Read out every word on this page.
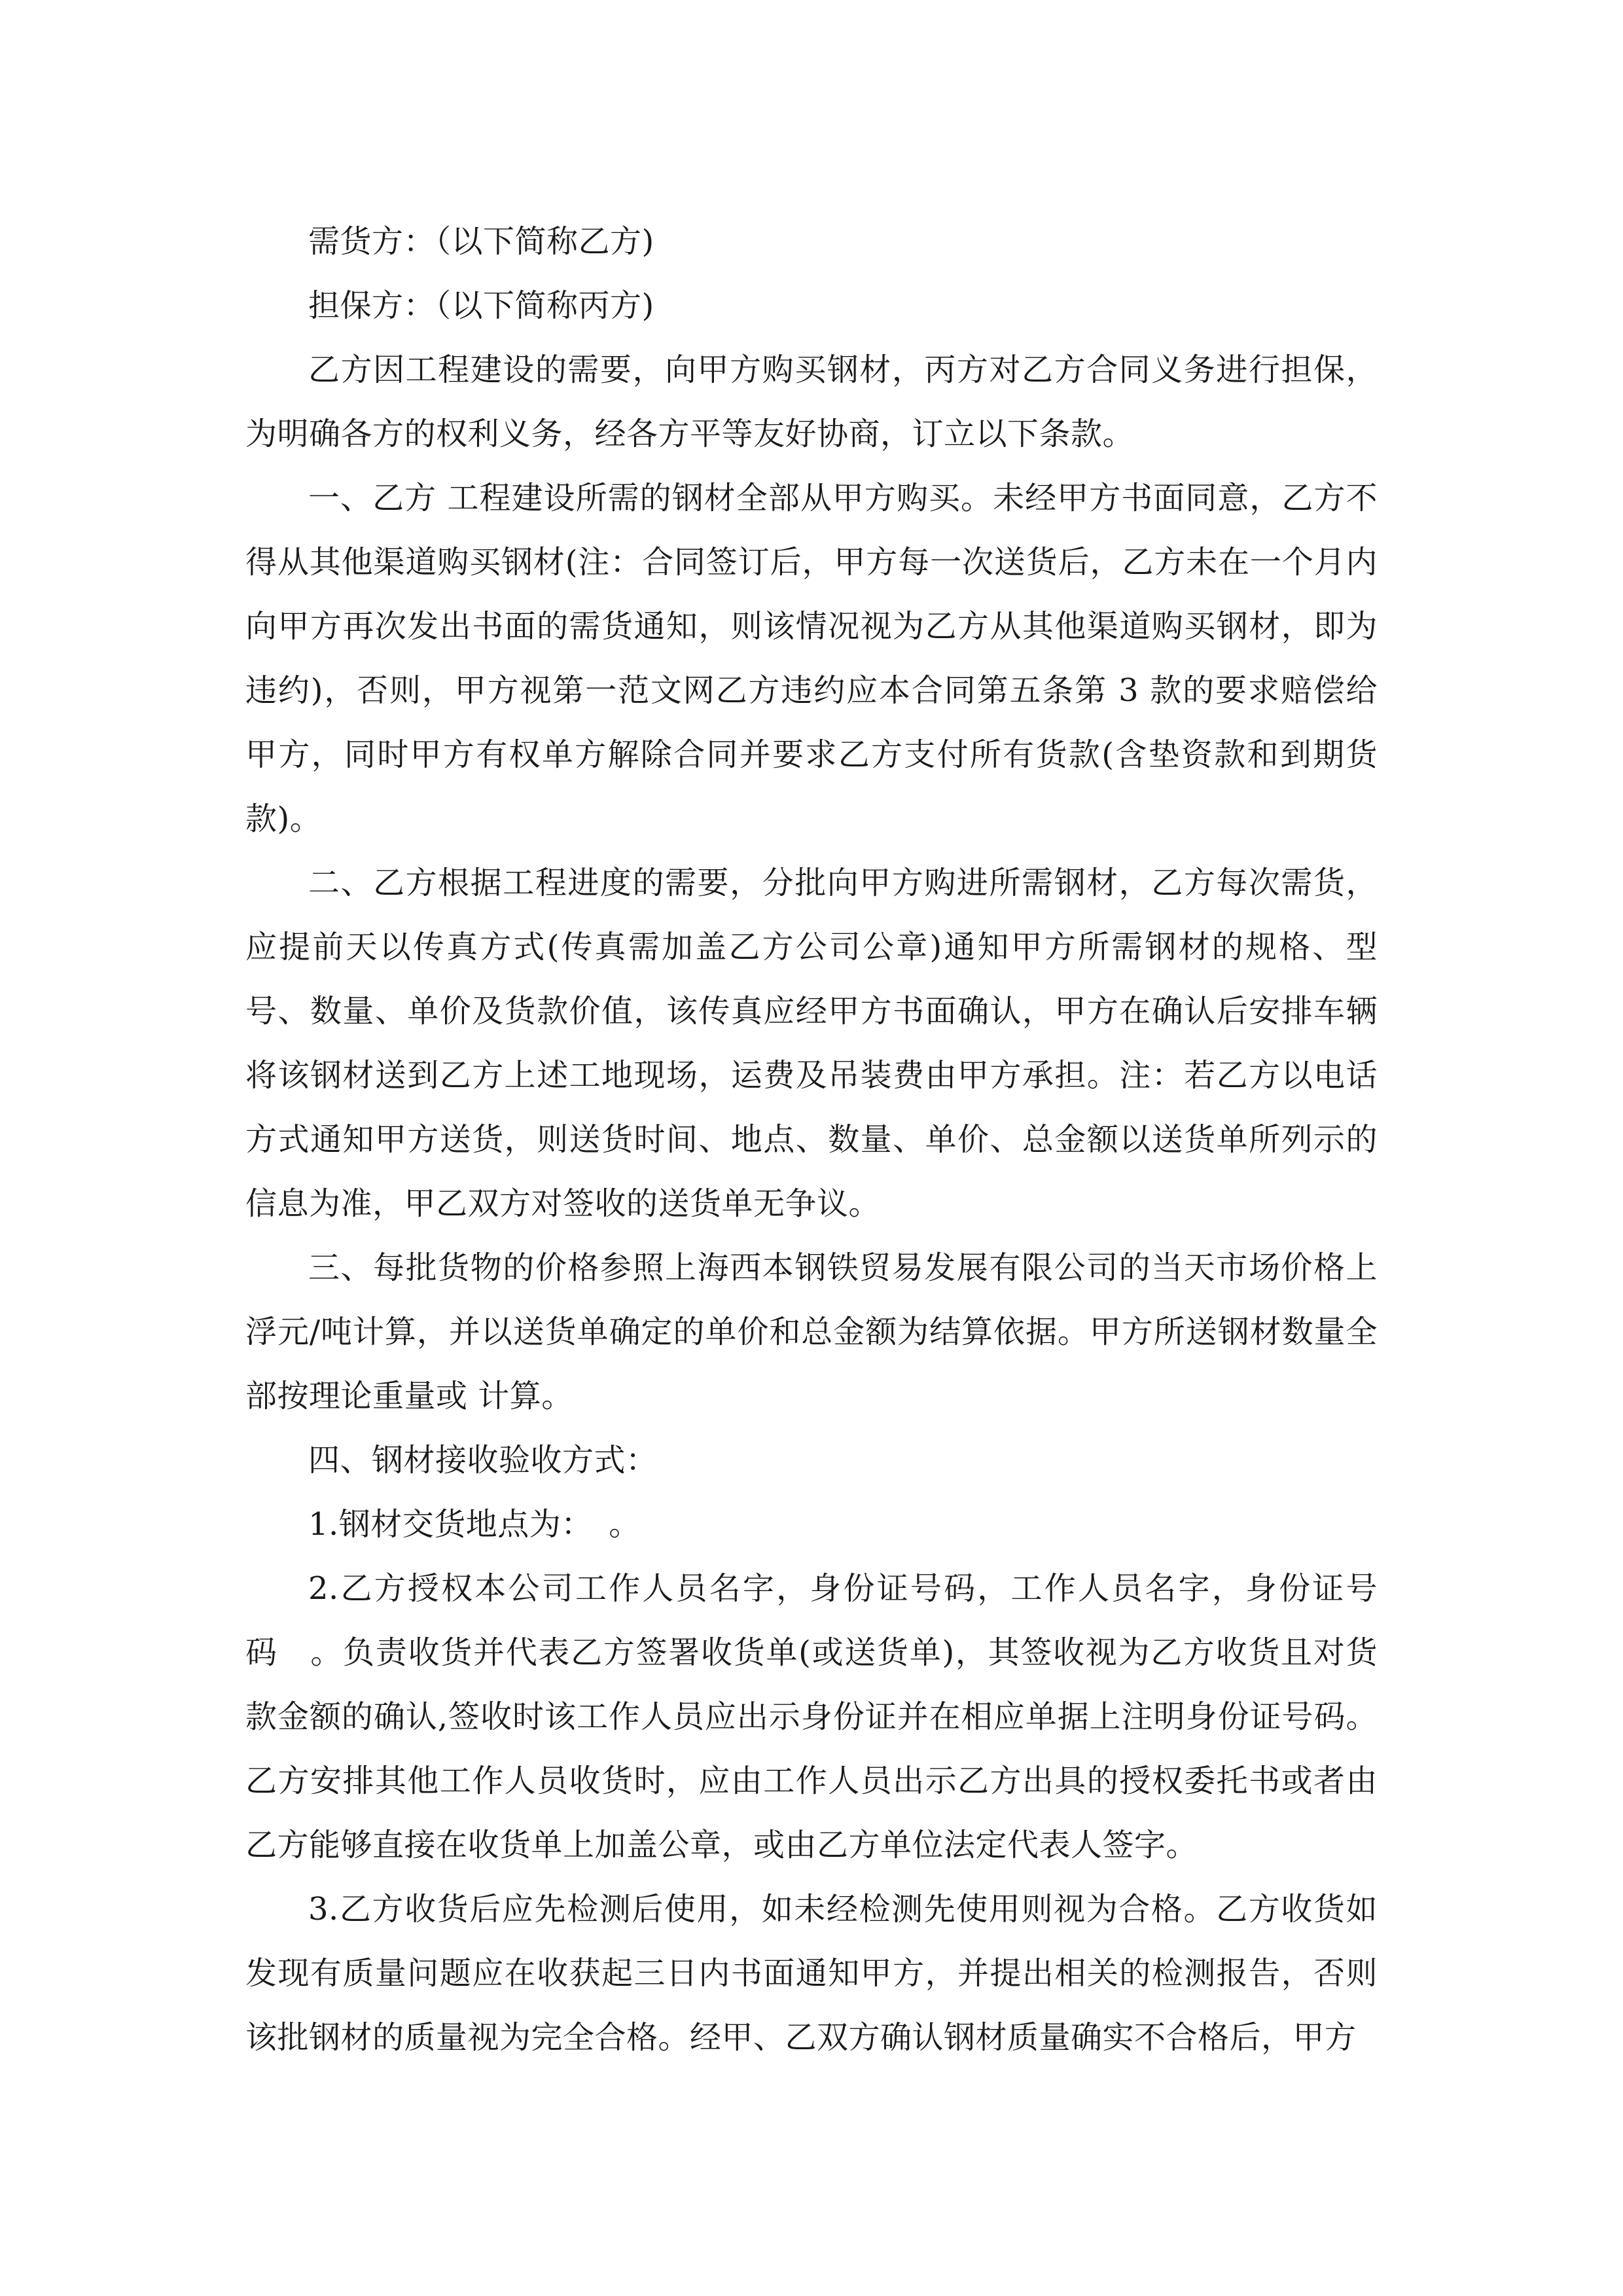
需货方：（以下简称乙方)

担保方：（以下简称丙方)

乙方因工程建设的需要，向甲方购买钢材，丙方对乙方合同义务进行担保，为明确各方的权利义务，经各方平等友好协商，订立以下条款。

一、乙方 工程建设所需的钢材全部从甲方购买。未经甲方书面同意，乙方不得从其他渠道购买钢材(注：合同签订后，甲方每一次送货后，乙方未在一个月内向甲方再次发出书面的需货通知，则该情况视为乙方从其他渠道购买钢材，即为违约)，否则，甲方视第一范文网乙方违约应本合同第五条第 3 款的要求赔偿给甲方，同时甲方有权单方解除合同并要求乙方支付所有货款(含垫资款和到期货款)。

二、乙方根据工程进度的需要，分批向甲方购进所需钢材，乙方每次需货，应提前天以传真方式(传真需加盖乙方公司公章)通知甲方所需钢材的规格、型号、数量、单价及货款价值，该传真应经甲方书面确认，甲方在确认后安排车辆将该钢材送到乙方上述工地现场，运费及吊装费由甲方承担。注：若乙方以电话方式通知甲方送货，则送货时间、地点、数量、单价、总金额以送货单所列示的信息为准，甲乙双方对签收的送货单无争议。

三、每批货物的价格参照上海西本钢铁贸易发展有限公司的当天市场价格上浮元/吨计算，并以送货单确定的单价和总金额为结算依据。甲方所送钢材数量全部按理论重量或 计算。

四、钢材接收验收方式：

1.钢材交货地点为：　。

2.乙方授权本公司工作人员名字，身份证号码，工作人员名字，身份证号码　。负责收货并代表乙方签署收货单(或送货单)，其签收视为乙方收货且对货款金额的确认,签收时该工作人员应出示身份证并在相应单据上注明身份证号码。乙方安排其他工作人员收货时，应由工作人员出示乙方出具的授权委托书或者由乙方能够直接在收货单上加盖公章，或由乙方单位法定代表人签字。

3.乙方收货后应先检测后使用，如未经检测先使用则视为合格。乙方收货如发现有质量问题应在收获起三日内书面通知甲方，并提出相关的检测报告，否则该批钢材的质量视为完全合格。经甲、乙双方确认钢材质量确实不合格后，甲方
